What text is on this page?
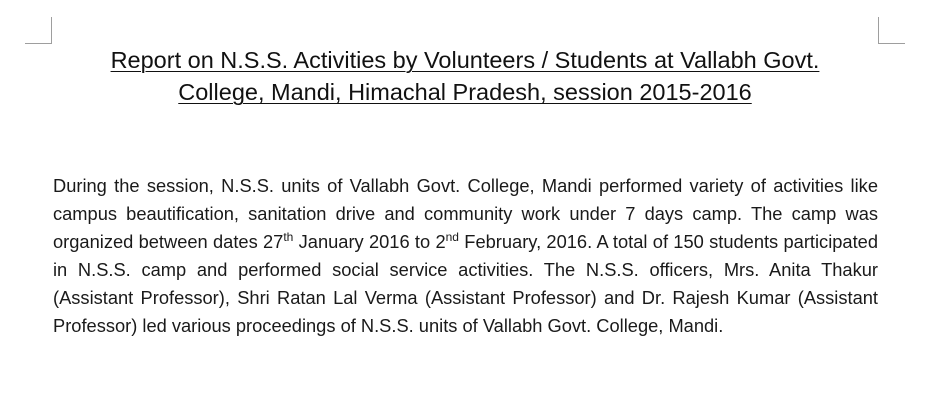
Report on N.S.S. Activities by Volunteers / Students at Vallabh Govt.
College, Mandi, Himachal Pradesh, session 2015-2016

During the session, N.S.S. units of Vallabh Govt. College, Mandi performed variety of activities like campus beautification, sanitation drive and community work under 7 days camp. The camp was organized between dates 27th January 2016 to 2nd February, 2016. A total of 150 students participated in N.S.S. camp and performed social service activities. The N.S.S. officers, Mrs. Anita Thakur (Assistant Professor), Shri Ratan Lal Verma (Assistant Professor) and Dr. Rajesh Kumar (Assistant Professor) led various proceedings of N.S.S. units of Vallabh Govt. College, Mandi.
